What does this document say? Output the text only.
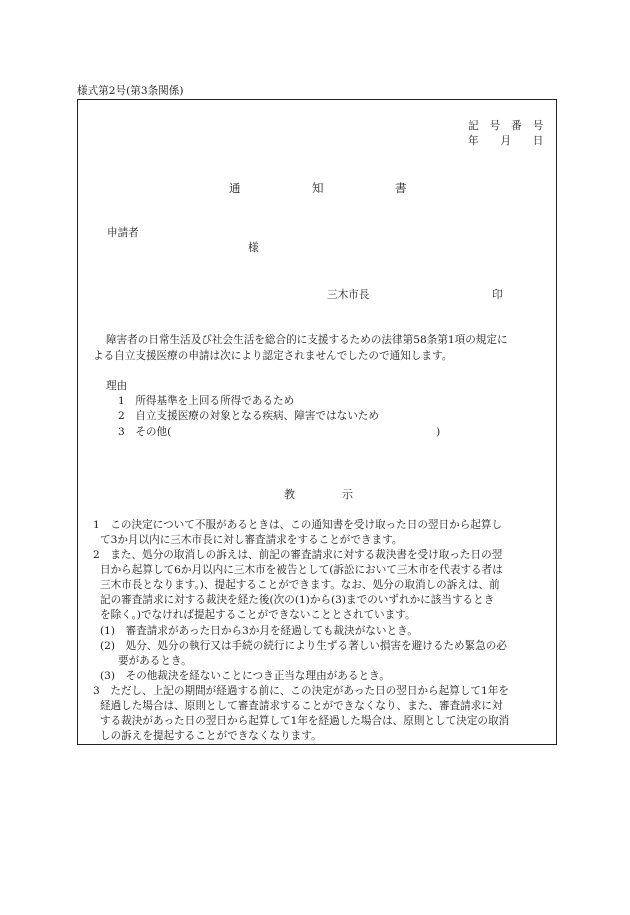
様式第2号(第3条関係)
記　号　番　号
年　　月　　日
通	知	書
申請者
様
三木市長	印
障害者の日常生活及び社会生活を総合的に支援するための法律第58条第1項の規定に
よる自立支援医療の申請は次により認定されませんでしたので通知します。
理由
1　所得基準を上回る所得であるため
2　自立支援医療の対象となる疾病、障害ではないため
3　その他(　　　　　　　　　　　　　　　　　　　　　　　　　)
教	示
1　この決定について不服があるときは、この通知書を受け取った日の翌日から起算し
て3か月以内に三木市長に対し審査請求をすることができます。
2　また、処分の取消しの訴えは、前記の審査請求に対する裁決書を受け取った日の翌
日から起算して6か月以内に三木市を被告として(訴訟において三木市を代表する者は
三木市長となります。)、提起することができます。なお、処分の取消しの訴えは、前
記の審査請求に対する裁決を経た後(次の(1)から(3)までのいずれかに該当するとき
を除く。)でなければ提起することができないこととされています。
(1)　審査請求があった日から3か月を経過しても裁決がないとき。
(2)　処分、処分の執行又は手続の続行により生ずる著しい損害を避けるため緊急の必
要があるとき。
(3)　その他裁決を経ないことにつき正当な理由があるとき。
3　ただし、上記の期間が経過する前に、この決定があった日の翌日から起算して1年を
経過した場合は、原則として審査請求することができなくなり、また、審査請求に対
する裁決があった日の翌日から起算して1年を経過した場合は、原則として決定の取消
しの訴えを提起することができなくなります。
